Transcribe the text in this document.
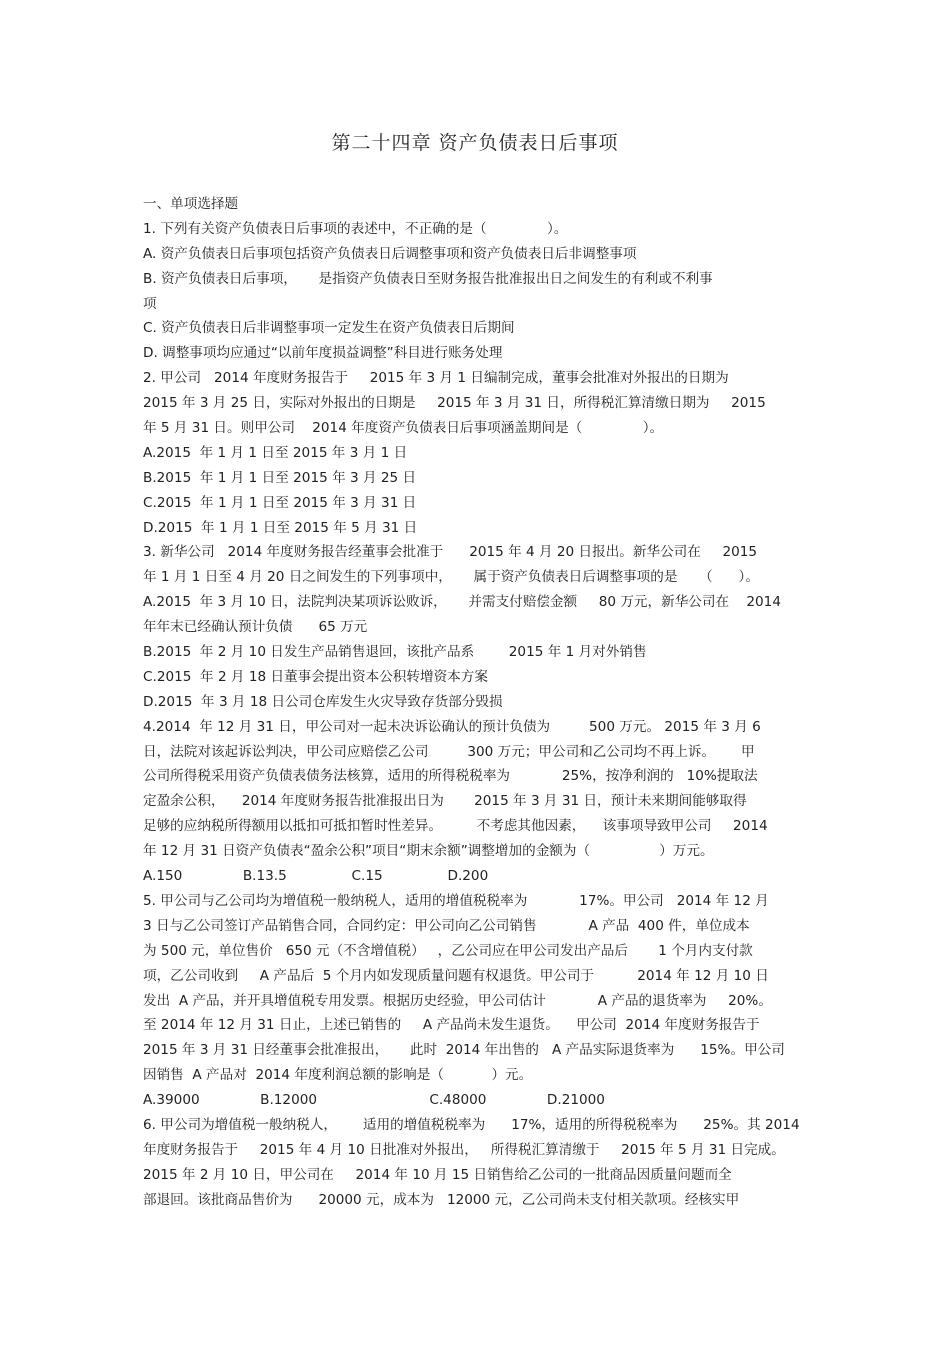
第二十四章 资产负债表日后事项
一、单项选择题
1. 下列有关资产负债表日后事项的表述中，不正确的是（              ）。
A. 资产负债表日后事项包括资产负债表日后调整事项和资产负债表日后非调整事项
B. 资产负债表日后事项，     是指资产负债表日至财务报告批准报出日之间发生的有利或不利事
项
C. 资产负债表日后非调整事项一定发生在资产负债表日后期间
D. 调整事项均应通过“以前年度损益调整”科目进行账务处理
2. 甲公司   2014 年度财务报告于     2015 年 3 月 1 日编制完成，董事会批准对外报出的日期为
2015 年 3 月 25 日，实际对外报出的日期是     2015 年 3 月 31 日，所得税汇算清缴日期为     2015
年 5 月 31 日。则甲公司    2014 年度资产负债表日后事项涵盖期间是（              ）。
A.2015  年 1 月 1 日至 2015 年 3 月 1 日
B.2015  年 1 月 1 日至 2015 年 3 月 25 日
C.2015  年 1 月 1 日至 2015 年 3 月 31 日
D.2015  年 1 月 1 日至 2015 年 5 月 31 日
3. 新华公司   2014 年度财务报告经董事会批准于      2015 年 4 月 20 日报出。新华公司在     2015
年 1 月 1 日至 4 月 20 日之间发生的下列事项中，     属于资产负债表日后调整事项的是     （      ）。
A.2015  年 3 月 10 日，法院判决某项诉讼败诉，     并需支付赔偿金额     80 万元，新华公司在    2014
年年末已经确认预计负债      65 万元
B.2015  年 2 月 10 日发生产品销售退回，该批产品系        2015 年 1 月对外销售
C.2015  年 2 月 18 日董事会提出资本公积转增资本方案
D.2015  年 3 月 18 日公司仓库发生火灾导致存货部分毁损
4.2014  年 12 月 31 日，甲公司对一起未决诉讼确认的预计负债为         500 万元。 2015 年 3 月 6
日，法院对该起诉讼判决，甲公司应赔偿乙公司         300 万元；甲公司和乙公司均不再上诉。      甲
公司所得税采用资产负债表债务法核算，适用的所得税税率为            25%，按净利润的   10%提取法
定盈余公积，    2014 年度财务报告批准报出日为       2015 年 3 月 31 日，预计未来期间能够取得
足够的应纳税所得额用以抵扣可抵扣暂时性差异。        不考虑其他因素，    该事项导致甲公司     2014
年 12 月 31 日资产负债表“盈余公积”项目“期末余额”调整增加的金额为（                ）万元。
A.150              B.13.5               C.15               D.200
5. 甲公司与乙公司均为增值税一般纳税人，适用的增值税税率为            17%。甲公司   2014 年 12 月
3 日与乙公司签订产品销售合同，合同约定：甲公司向乙公司销售            A 产品  400 件，单位成本
为 500 元，单位售价   650 元（不含增值税）   ，乙公司应在甲公司发出产品后       1 个月内支付款
项，乙公司收到     A 产品后  5 个月内如发现质量问题有权退货。甲公司于          2014 年 12 月 10 日
发出  A 产品，并开具增值税专用发票。根据历史经验，甲公司估计            A 产品的退货率为     20%。
至 2014 年 12 月 31 日止，上述已销售的     A 产品尚未发生退货。    甲公司  2014 年度财务报告于
2015 年 3 月 31 日经董事会批准报出，     此时  2014 年出售的   A 产品实际退货率为      15%。甲公司
因销售  A 产品对  2014 年度利润总额的影响是（           ）元。
A.39000              B.12000                          C.48000              D.21000
6. 甲公司为增值税一般纳税人，      适用的增值税税率为      17%，适用的所得税税率为      25%。其 2014
年度财务报告于     2015 年 4 月 10 日批准对外报出，   所得税汇算清缴于     2015 年 5 月 31 日完成。
2015 年 2 月 10 日，甲公司在     2014 年 10 月 15 日销售给乙公司的一批商品因质量问题而全
部退回。该批商品售价为      20000 元，成本为   12000 元，乙公司尚未支付相关款项。经核实甲
